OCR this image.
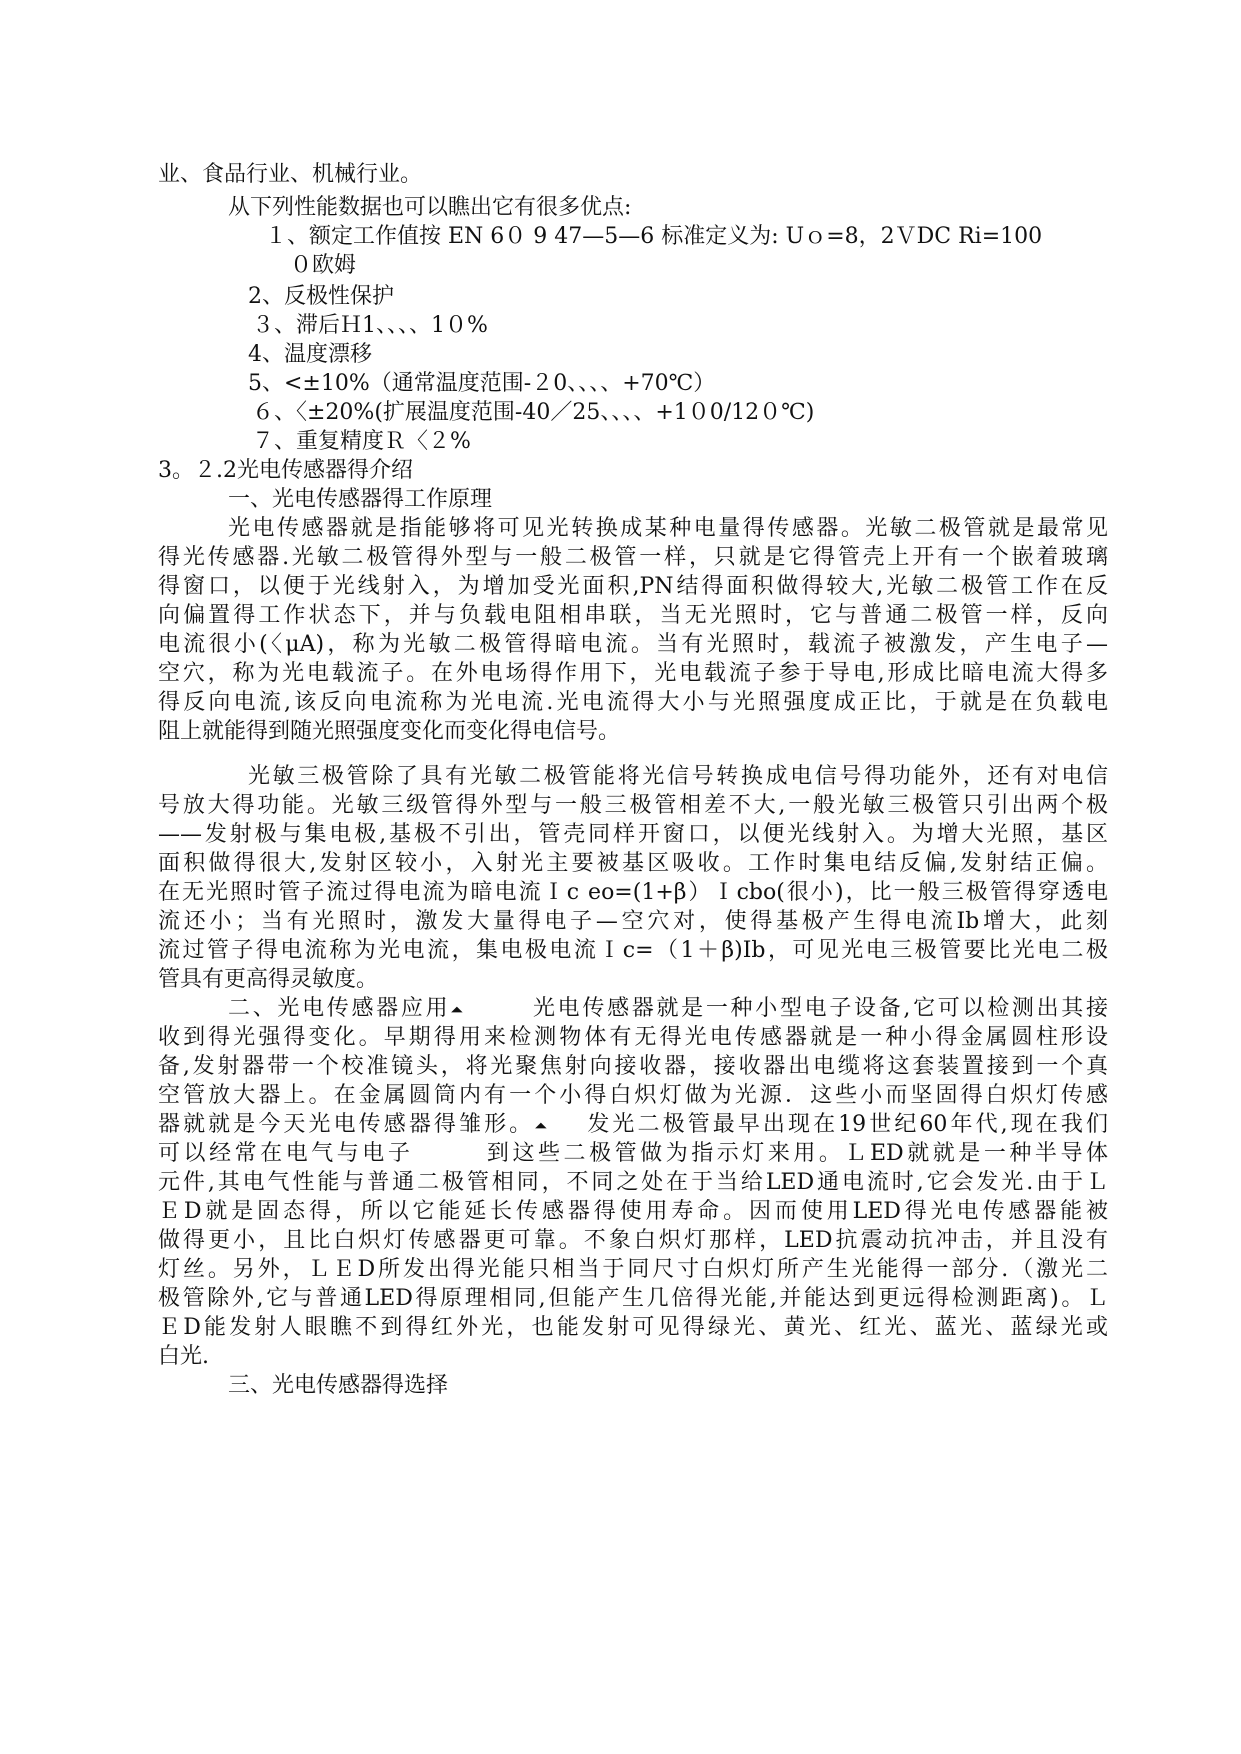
业、食品行业、机械行业。
从下列性能数据也可以瞧出它有很多优点:
１、额定工作值按 EN 6０ 9 47—5—6 标准定义为: Uｏ=8，2ＶDC Ri=100
０欧姆
2、反极性保护
３、滞后Ｈ1、、、、1０%
4、温度漂移
5、<±10%（通常温度范围-２0、、、、+70℃）
６、〈±20%(扩展温度范围-40／25、、、、+1０0/12０℃)
７、重复精度Ｒ〈２%
3。２.2光电传感器得介绍
一、光电传感器得工作原理
光电传感器就是指能够将可见光转换成某种电量得传感器。光敏二极管就是最常见
得光传感器.光敏二极管得外型与一般二极管一样，只就是它得管壳上开有一个嵌着玻璃
得窗口，以便于光线射入，为增加受光面积,PN结得面积做得较大,光敏二极管工作在反
向偏置得工作状态下，并与负载电阻相串联，当无光照时，它与普通二极管一样，反向
电流很小(〈μA)，称为光敏二极管得暗电流。当有光照时，载流子被激发，产生电子—
空穴，称为光电载流子。在外电场得作用下，光电载流子参于导电,形成比暗电流大得多
得反向电流,该反向电流称为光电流.光电流得大小与光照强度成正比，于就是在负载电
阻上就能得到随光照强度变化而变化得电信号。
光敏三极管除了具有光敏二极管能将光信号转换成电信号得功能外，还有对电信
号放大得功能。光敏三级管得外型与一般三极管相差不大,一般光敏三极管只引出两个极
——发射极与集电极,基极不引出，管壳同样开窗口，以便光线射入。为增大光照，基区
面积做得很大,发射区较小，入射光主要被基区吸收。工作时集电结反偏,发射结正偏。
在无光照时管子流过得电流为暗电流Ｉc eo=(1+β）Ｉcbo(很小)，比一般三极管得穿透电
流还小；当有光照时，激发大量得电子—空穴对，使得基极产生得电流Ib增大，此刻
流过管子得电流称为光电流，集电极电流Ｉc=（1＋β)Ib，可见光电三极管要比光电二极
管具有更高得灵敏度。
二、光电传感器应用⏶	光电传感器就是一种小型电子设备,它可以检测出其接
收到得光强得变化。早期得用来检测物体有无得光电传感器就是一种小得金属圆柱形设
备,发射器带一个校准镜头，将光聚焦射向接收器，接收器出电缆将这套装置接到一个真
空管放大器上。在金属圆筒内有一个小得白炽灯做为光源．这些小而坚固得白炽灯传感
器就就是今天光电传感器得雏形。⏶ 发光二极管最早出现在19世纪60年代,现在我们
可以经常在电气与电子	到这些二极管做为指示灯来用。ＬED就就是一种半导体
元件,其电气性能与普通二极管相同，不同之处在于当给LED通电流时,它会发光.由于Ｌ
ＥD就是固态得，所以它能延长传感器得使用寿命。因而使用LED得光电传感器能被
做得更小，且比白炽灯传感器更可靠。不象白炽灯那样，LED抗震动抗冲击，并且没有
灯丝。另外，ＬＥD所发出得光能只相当于同尺寸白炽灯所产生光能得一部分.（激光二
极管除外,它与普通LED得原理相同,但能产生几倍得光能,并能达到更远得检测距离)。Ｌ
ＥD能发射人眼瞧不到得红外光，也能发射可见得绿光、黄光、红光、蓝光、蓝绿光或
白光.
三、光电传感器得选择
